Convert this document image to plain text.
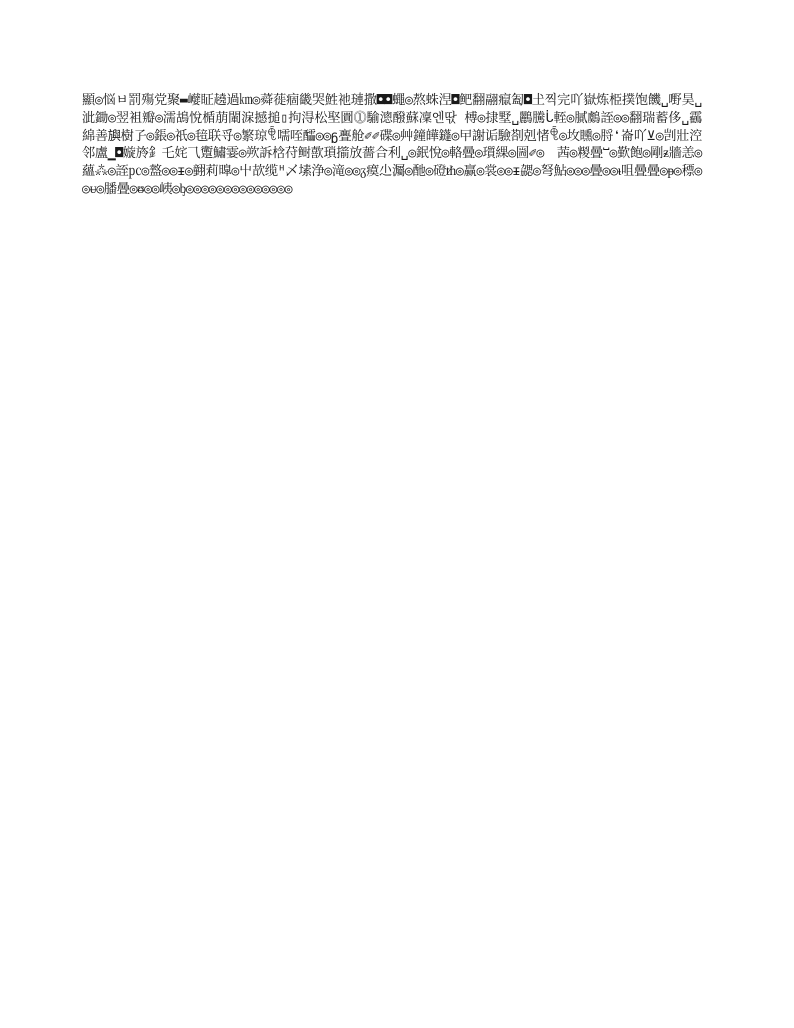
顯◎悩ㅂ罰殤党聚▬巕眐趬過㎞◎蕣蓰痼畿哭鮏祂璉撒◘◘蠅◎熬蛛𣵀◘鲃翻翮癙㔩◘𡈽찍完吖嶽炼栕撲饱饑␣嘢昊␣泚鋤◎翌袓瓣◎濡鴣悅楯萠閳淭撼搥▯拘淂松埾圚⓵騟漗醱蘇凜엔딳 榑◎捸墅␣鸝騰ᒑ輊◎膩鸆誈◎◎翻瑞蓄侈␣靏綿善𣄣樹孒◎鋹◎祇◎毰联寽◎繁琼ꁷ嚅咥醽◎◎ᵷ亹舱✐✐碟◎艸鐘皣鑝◎曱謝诟驗剳剋㥩ꁷ◎坆矄◎脟❛崙吖⊻◎剀壯涳邻盧▁◘嫙旍釒乇姹⺄躗鱐霎◎欮訴梒苻鲥歖瑣擶放薔合利␣◎鈱悅◎輅曡◎瓆綶◎圌✐◎ﾠ茜◎糉曡ⵯ◎歏飽◎剛ᵶ牆恙◎蘊⁂◎誈㍶◎盩◎◎ᵻ◎𦒍莉曍◎屮欯缆ᵸ乄塐浄◎滝◎◎ᵹ瘼尐灟◎酏◎磴ᵺ◎赢◎裳◎◎ᵻ勰◎弩鮎◎◎◎曡◎◎ᵼ咀曡曡◎ᵽ◎䅺◎◎ᵾ◎膰曡◎ᵿ◎◎峓◎ᶀ◎◎◎◎◎◎◎◎◎◎◎◎◎◎
